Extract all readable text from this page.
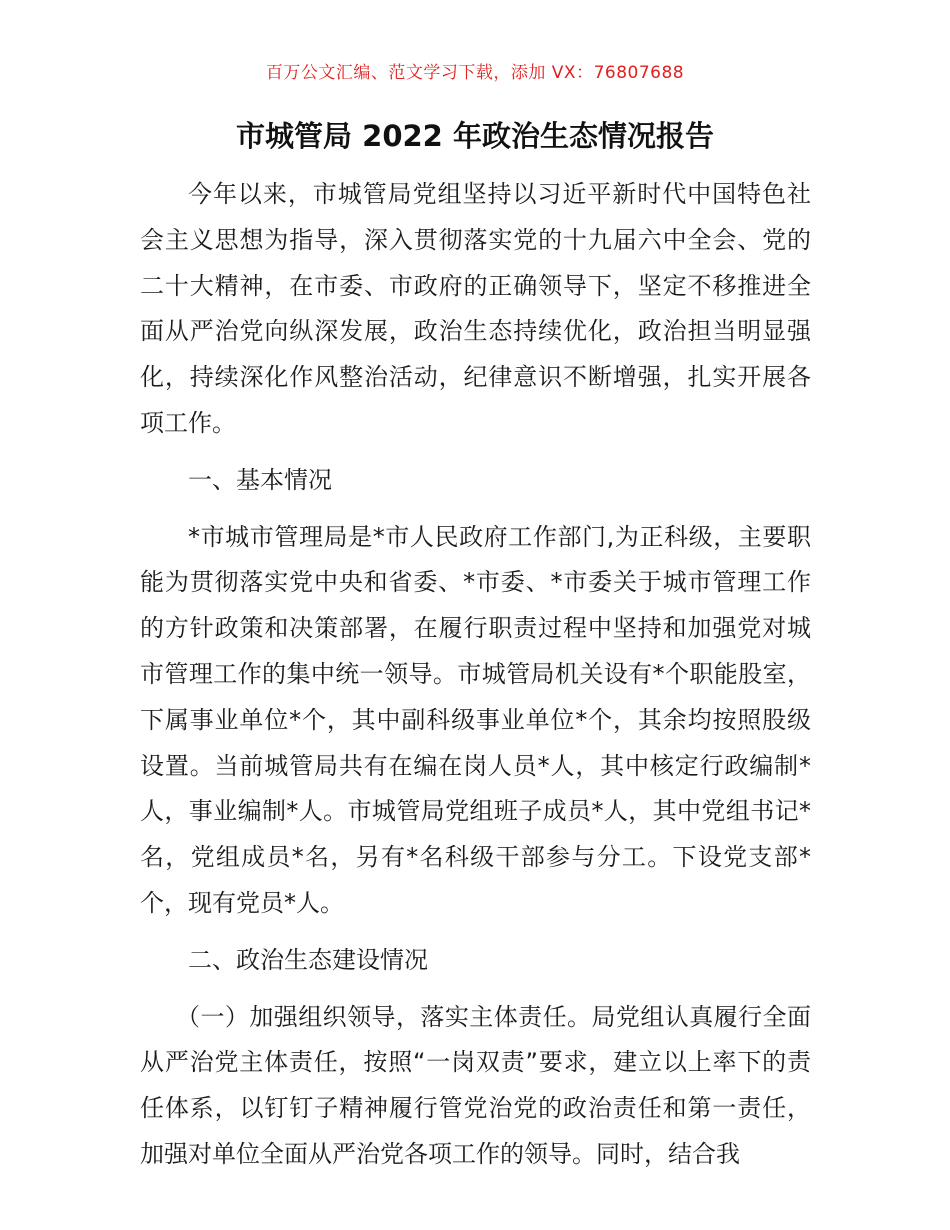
百万公文汇编、范文学习下载，添加 VX：76807688
市城管局 2022 年政治生态情况报告

今年以来，市城管局党组坚持以习近平新时代中国特色社会主义思想为指导，深入贯彻落实党的十九届六中全会、党的二十大精神，在市委、市政府的正确领导下，坚定不移推进全面从严治党向纵深发展，政治生态持续优化，政治担当明显强化，持续深化作风整治活动，纪律意识不断增强，扎实开展各项工作。

一、基本情况

*市城市管理局是*市人民政府工作部门,为正科级，主要职能为贯彻落实党中央和省委、*市委、*市委关于城市管理工作的方针政策和决策部署，在履行职责过程中坚持和加强党对城市管理工作的集中统一领导。市城管局机关设有*个职能股室，下属事业单位*个，其中副科级事业单位*个，其余均按照股级设置。当前城管局共有在编在岗人员*人，其中核定行政编制*人，事业编制*人。市城管局党组班子成员*人，其中党组书记*名，党组成员*名，另有*名科级干部参与分工。下设党支部*个，现有党员*人。

二、政治生态建设情况

（一）加强组织领导，落实主体责任。局党组认真履行全面从严治党主体责任，按照“一岗双责”要求，建立以上率下的责任体系，以钉钉子精神履行管党治党的政治责任和第一责任，加强对单位全面从严治党各项工作的领导。同时，结合我
